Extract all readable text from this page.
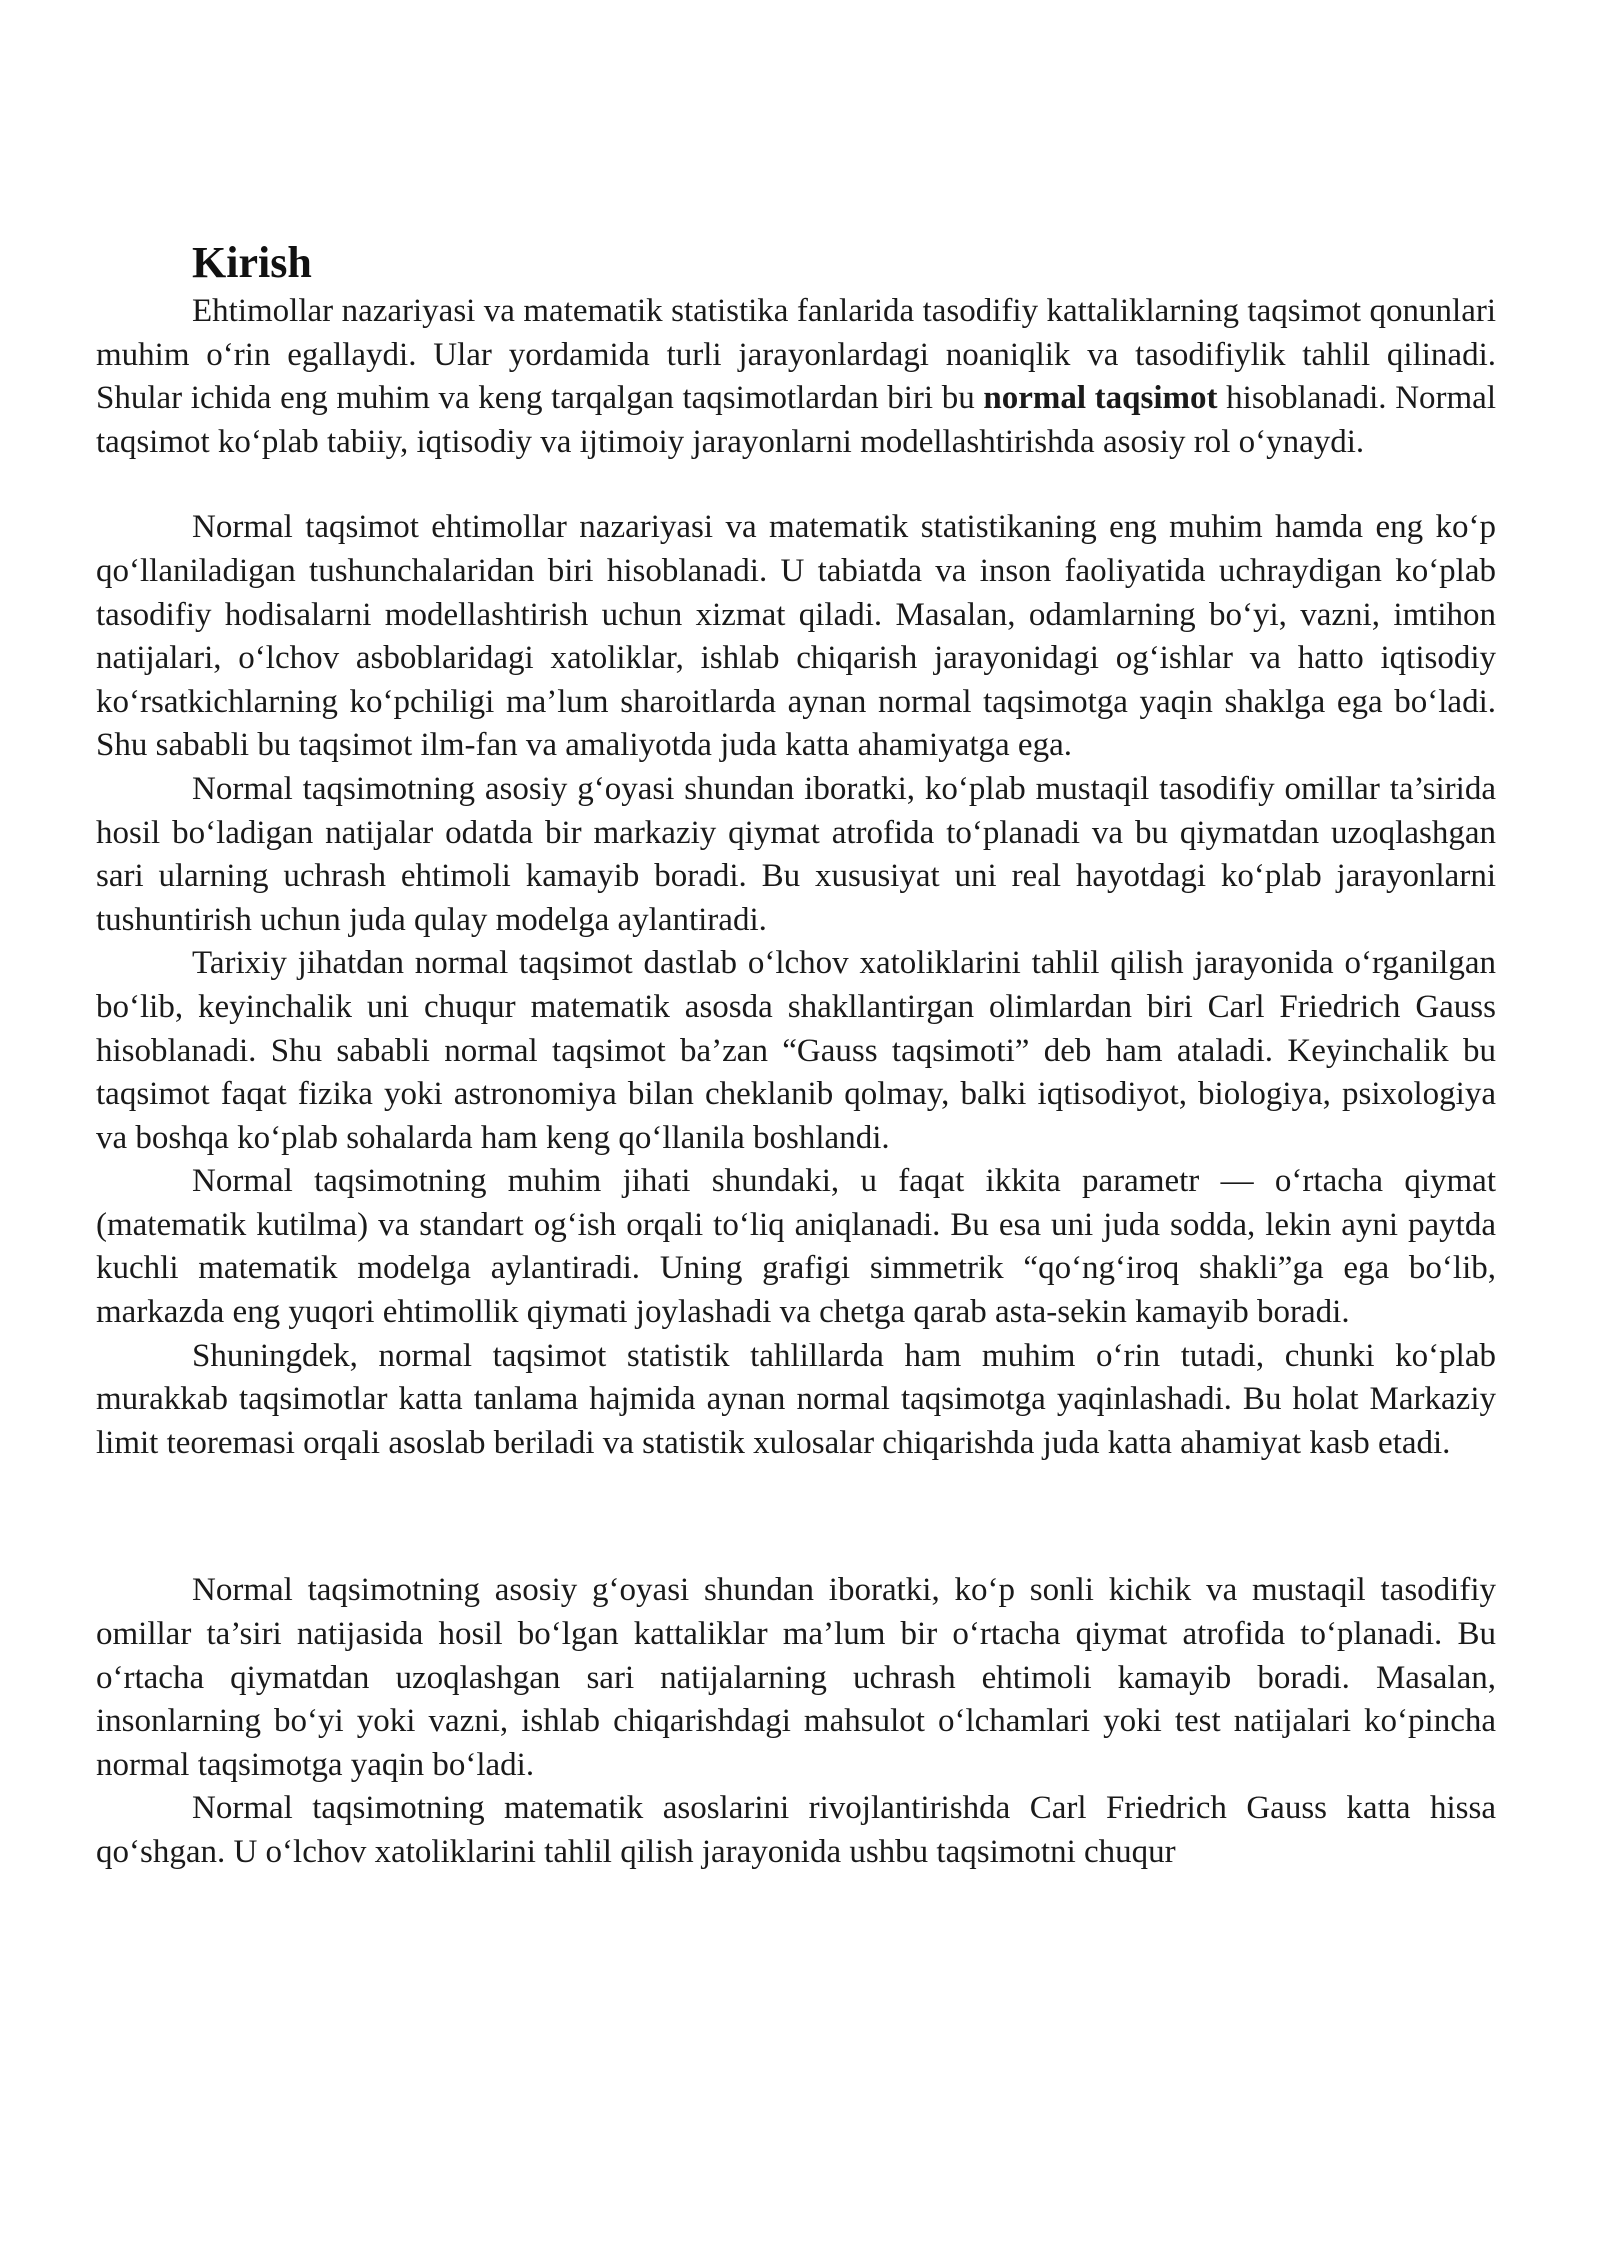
Kirish

Ehtimollar nazariyasi va matematik statistika fanlarida tasodifiy kattaliklarning taqsimot qonunlari muhim o‘rin egallaydi. Ular yordamida turli jarayonlardagi noaniqlik va tasodifiylik tahlil qilinadi. Shular ichida eng muhim va keng tarqalgan taqsimotlardan biri bu normal taqsimot hisoblanadi. Normal taqsimot ko‘plab tabiiy, iqtisodiy va ijtimoiy jarayonlarni modellashtirishda asosiy rol o‘ynaydi.

Normal taqsimot ehtimollar nazariyasi va matematik statistikaning eng muhim hamda eng ko‘p qo‘llaniladigan tushunchalaridan biri hisoblanadi. U tabiatda va inson faoliyatida uchraydigan ko‘plab tasodifiy hodisalarni modellashtirish uchun xizmat qiladi. Masalan, odamlarning bo‘yi, vazni, imtihon natijalari, o‘lchov asboblaridagi xatoliklar, ishlab chiqarish jarayonidagi og‘ishlar va hatto iqtisodiy ko‘rsatkichlarning ko‘pchiligi ma’lum sharoitlarda aynan normal taqsimotga yaqin shaklga ega bo‘ladi. Shu sababli bu taqsimot ilm-fan va amaliyotda juda katta ahamiyatga ega.

Normal taqsimotning asosiy g‘oyasi shundan iboratki, ko‘plab mustaqil tasodifiy omillar ta’sirida hosil bo‘ladigan natijalar odatda bir markaziy qiymat atrofida to‘planadi va bu qiymatdan uzoqlashgan sari ularning uchrash ehtimoli kamayib boradi. Bu xususiyat uni real hayotdagi ko‘plab jarayonlarni tushuntirish uchun juda qulay modelga aylantiradi.

Tarixiy jihatdan normal taqsimot dastlab o‘lchov xatoliklarini tahlil qilish jarayonida o‘rganilgan bo‘lib, keyinchalik uni chuqur matematik asosda shakllantirgan olimlardan biri Carl Friedrich Gauss hisoblanadi. Shu sababli normal taqsimot ba’zan “Gauss taqsimoti” deb ham ataladi. Keyinchalik bu taqsimot faqat fizika yoki astronomiya bilan cheklanib qolmay, balki iqtisodiyot, biologiya, psixologiya va boshqa ko‘plab sohalarda ham keng qo‘llanila boshlandi.

Normal taqsimotning muhim jihati shundaki, u faqat ikkita parametr — o‘rtacha qiymat (matematik kutilma) va standart og‘ish orqali to‘liq aniqlanadi. Bu esa uni juda sodda, lekin ayni paytda kuchli matematik modelga aylantiradi. Uning grafigi simmetrik “qo‘ng‘iroq shakli”ga ega bo‘lib, markazda eng yuqori ehtimollik qiymati joylashadi va chetga qarab asta-sekin kamayib boradi.

Shuningdek, normal taqsimot statistik tahlillarda ham muhim o‘rin tutadi, chunki ko‘plab murakkab taqsimotlar katta tanlama hajmida aynan normal taqsimotga yaqinlashadi. Bu holat Markaziy limit teoremasi orqali asoslab beriladi va statistik xulosalar chiqarishda juda katta ahamiyat kasb etadi.

Normal taqsimotning asosiy g‘oyasi shundan iboratki, ko‘p sonli kichik va mustaqil tasodifiy omillar ta’siri natijasida hosil bo‘lgan kattaliklar ma’lum bir o‘rtacha qiymat atrofida to‘planadi. Bu o‘rtacha qiymatdan uzoqlashgan sari natijalarning uchrash ehtimoli kamayib boradi. Masalan, insonlarning bo‘yi yoki vazni, ishlab chiqarishdagi mahsulot o‘lchamlari yoki test natijalari ko‘pincha normal taqsimotga yaqin bo‘ladi.

Normal taqsimotning matematik asoslarini rivojlantirishda Carl Friedrich Gauss katta hissa qo‘shgan. U o‘lchov xatoliklarini tahlil qilish jarayonida ushbu taqsimotni chuqur
